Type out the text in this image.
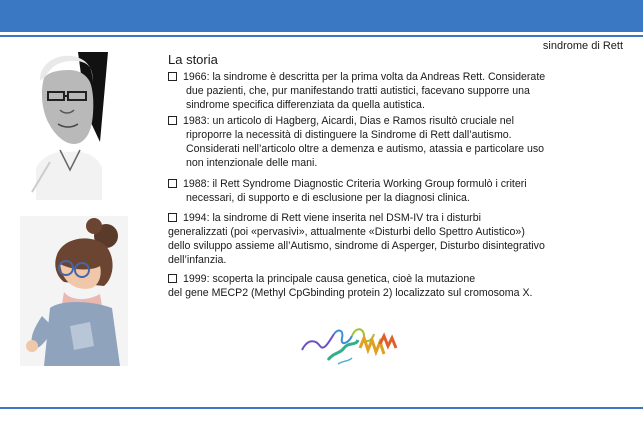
sindrome di Rett
La storia
1966: la sindrome è descritta per la prima volta da Andreas Rett. Considerate
due pazienti, che, pur manifestando tratti autistici, facevano supporre una
sindrome specifica differenziata da quella autistica.
1983: un articolo di Hagberg, Aicardi, Dias e Ramos risultò cruciale nel
riproporre la necessità di distinguere la Sindrome di Rett dall’autismo.
Considerati nell’articolo oltre a demenza e autismo, atassia e particolare uso
non intenzionale delle mani.
1988: il Rett Syndrome Diagnostic Criteria Working Group formulò i criteri
necessari, di supporto e di esclusione per la diagnosi clinica.
1994: la sindrome di Rett viene inserita nel DSM-IV tra i disturbi
generalizzati (poi «pervasivi», attualmente «Disturbi dello Spettro Autistico»)
dello sviluppo assieme all’Autismo, sindrome di Asperger, Disturbo disintegrativo
dell’infanzia.
1999: scoperta la principale causa genetica, cioè la mutazione
del gene MECP2 (Methyl CpGbinding protein 2) localizzato sul cromosoma X.
